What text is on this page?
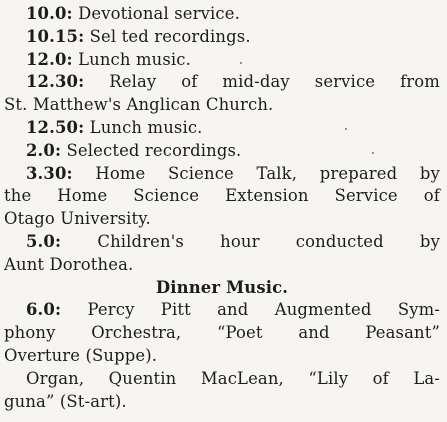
10.0: Devotional service.
10.15: Sel ted recordings.
12.0: Lunch music.
12.30: Relay of mid-day service from
St. Matthew's Anglican Church.
12.50: Lunch music.
2.0: Selected recordings.
3.30: Home Science Talk, prepared by
the Home Science Extension Service of
Otago University.
5.0: Children's hour conducted by
Aunt Dorothea.
Dinner Music.
6.0: Percy Pitt and Augmented Sym-
phony Orchestra, “Poet and Peasant”
Overture (Suppe).
Organ, Quentin MacLean, “Lily of La-
guna” (St-art).
